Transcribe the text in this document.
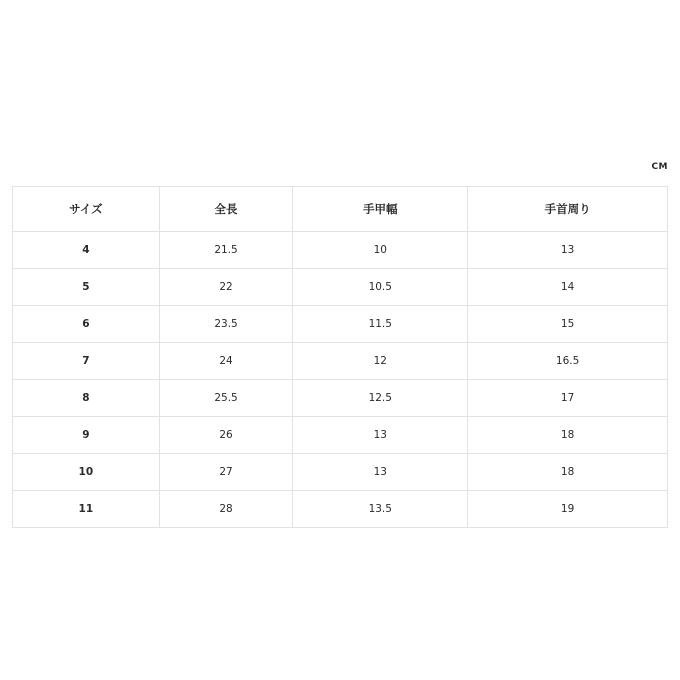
CM
サイズ	全長	手甲幅	手首周り
4	21.5	10	13
5	22	10.5	14
6	23.5	11.5	15
7	24	12	16.5
8	25.5	12.5	17
9	26	13	18
10	27	13	18
11	28	13.5	19
